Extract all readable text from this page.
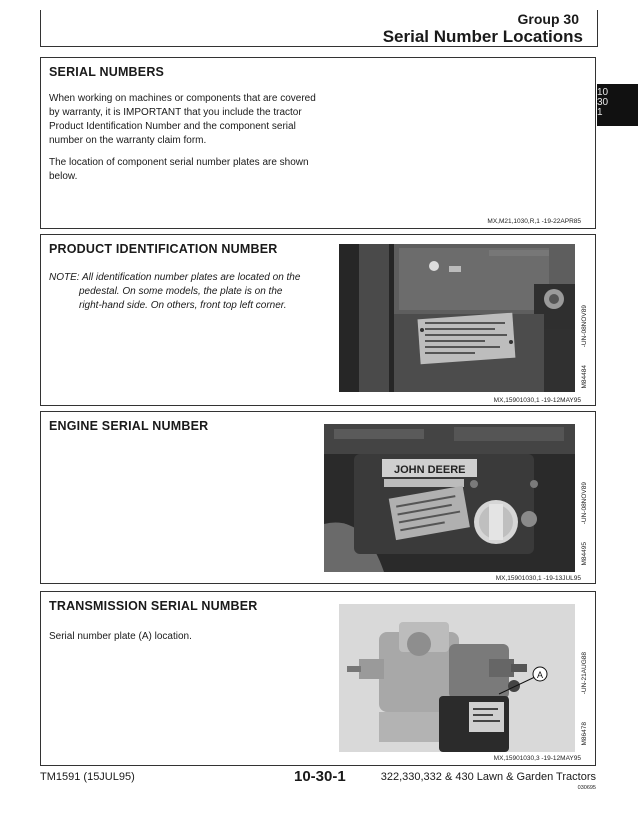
Group 30
Serial Number Locations
10
30
1
SERIAL NUMBERS

When working on machines or components that are covered by warranty, it is IMPORTANT that you include the tractor Product Identification Number and the component serial number on the warranty claim form.

The location of component serial number plates are shown below.

MX,M21,1030,R,1 -19-22APR85
PRODUCT IDENTIFICATION NUMBER
NOTE: All identification number plates are located on the
pedestal. On some models, the plate is on the
right-hand side. On others, front top left corner.	-UN-08NOV89
M84484
MX,15901030,1 -19-12MAY95
ENGINE SERIAL NUMBER
JOHN DEERE
-UN-08NOV89
M84495
MX,15901030,1 -19-13JUL95
TRANSMISSION SERIAL NUMBER

Serial number plate (A) location.

A	-UN-21AUG88
M86478
MX,15901030,3 -19-12MAY95
TM1591 (15JUL95)	10-30-1	322,330,332 & 430 Lawn & Garden Tractors
030695
